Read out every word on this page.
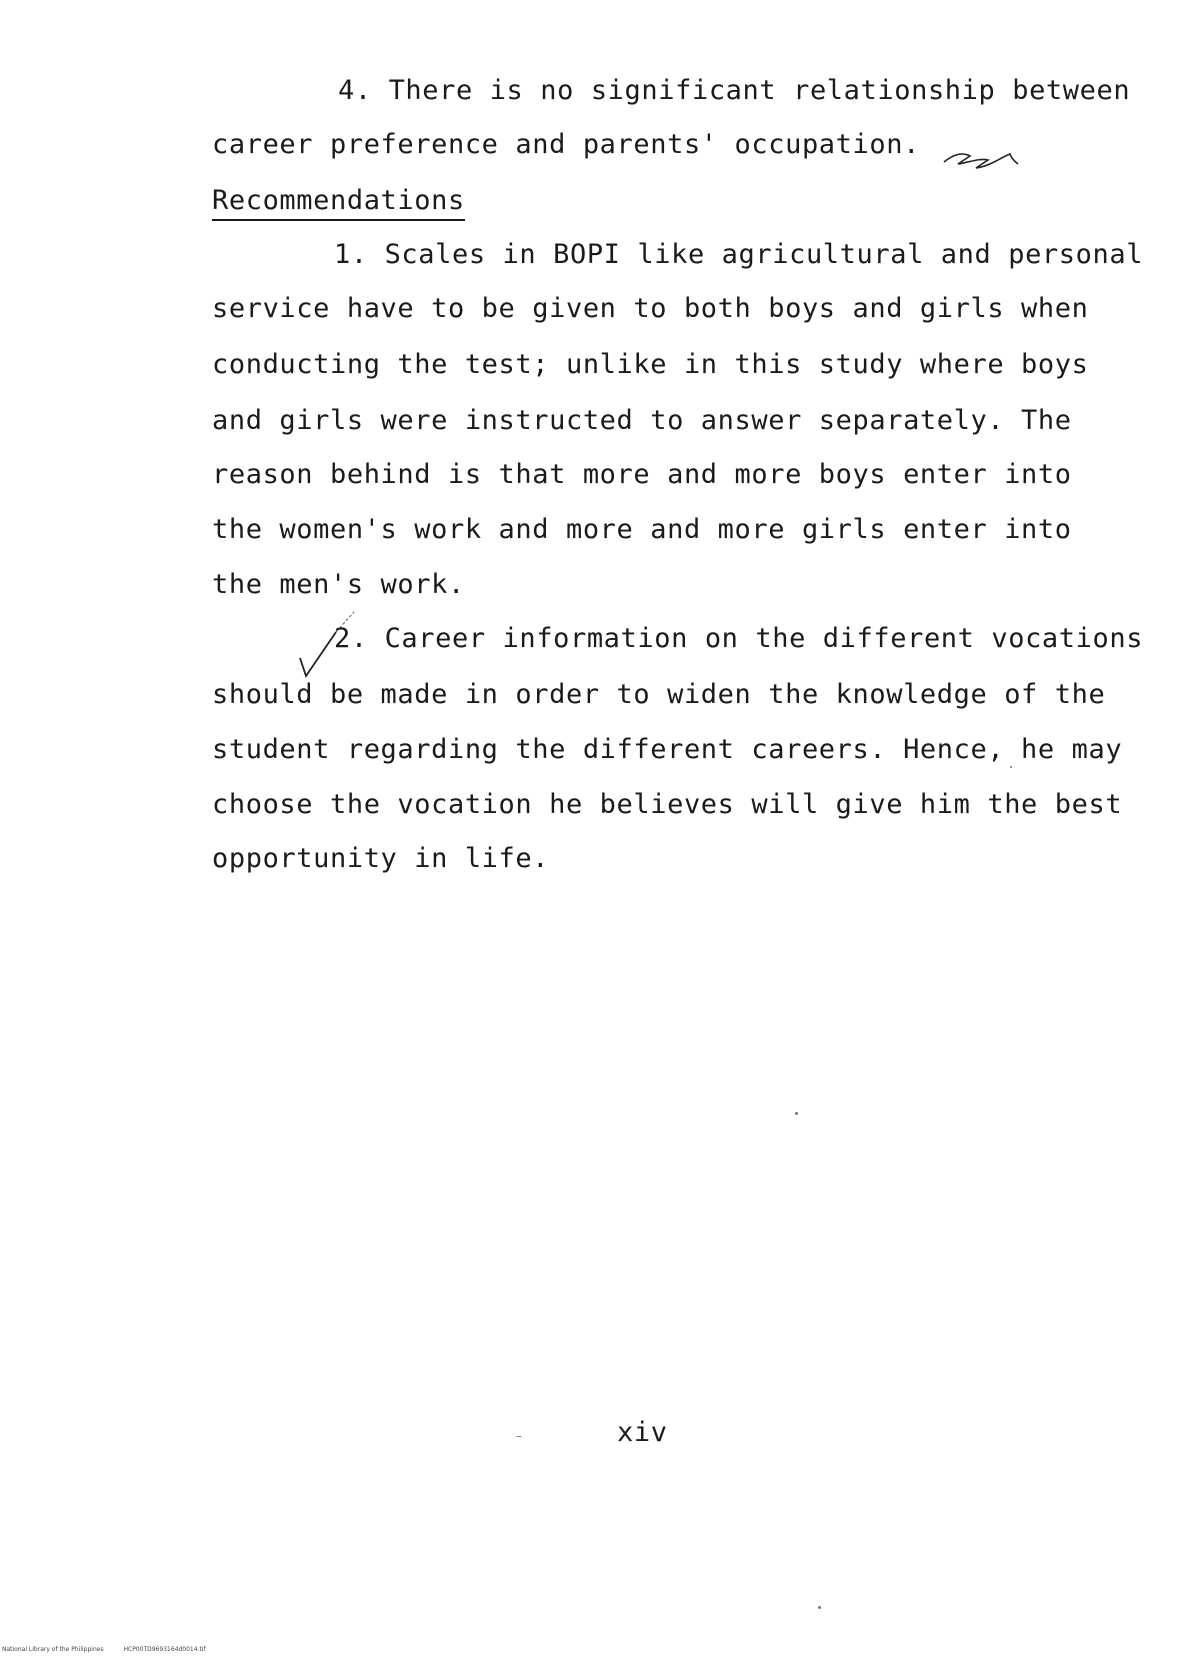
4. There is no significant relationship between
career preference and parents' occupation.
Recommendations
1. Scales in BOPI like agricultural and personal
service have to be given to both boys and girls when
conducting the test; unlike in this study where boys
and girls were instructed to answer separately. The
reason behind is that more and more boys enter into
the women's work and more and more girls enter into
the men's work.
2. Career information on the different vocations
should be made in order to widen the knowledge of the
student regarding the different careers. Hence, he may
choose the vocation he believes will give him the best
opportunity in life.
xiv
National Library of the Philippines	HCP00TD9693164d0014.tif
